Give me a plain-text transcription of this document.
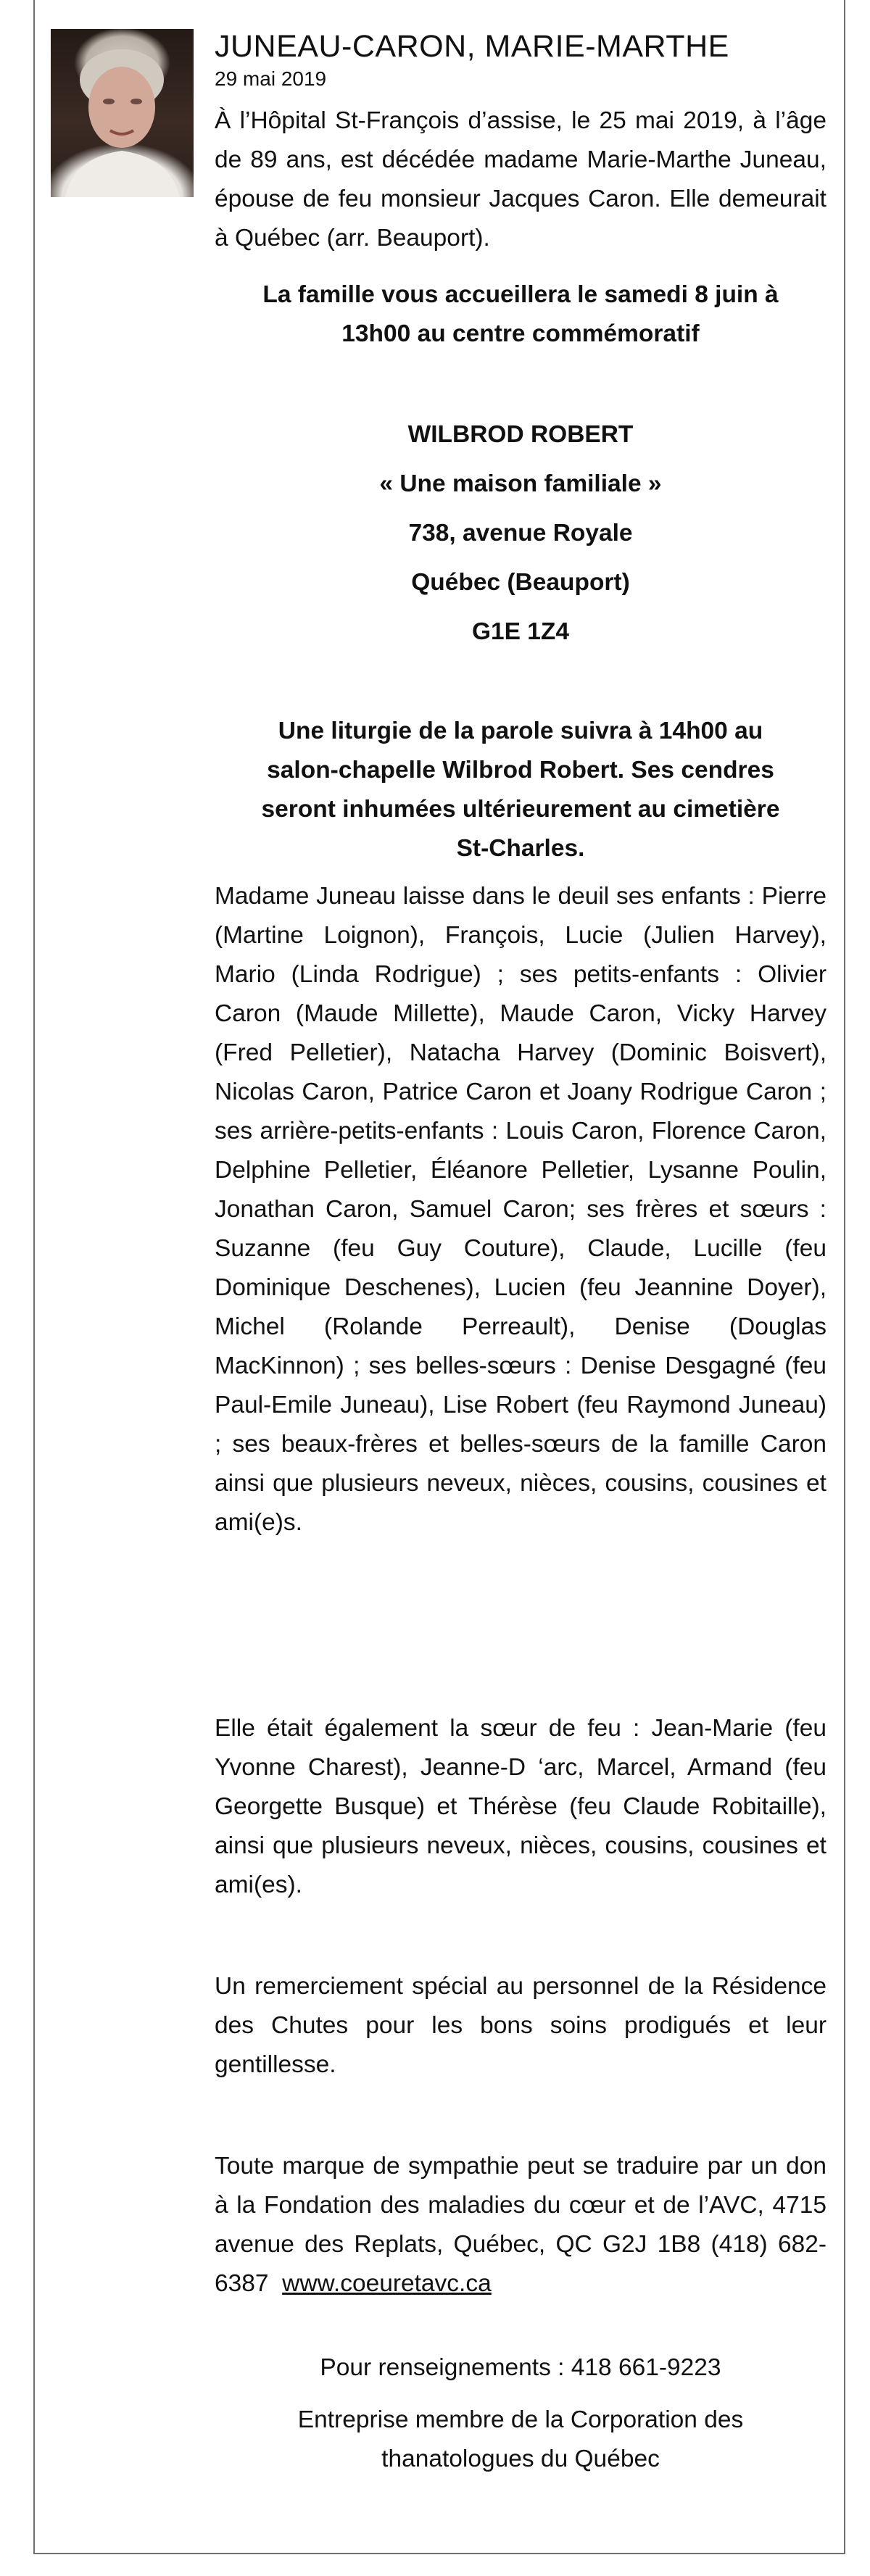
JUNEAU-CARON, MARIE-MARTHE
29 mai 2019

À l’Hôpital St-François d’assise, le 25 mai 2019, à l’âge de 89 ans, est décédée madame Marie-Marthe Juneau, épouse de feu monsieur Jacques Caron. Elle demeurait à Québec (arr. Beauport).

La famille vous accueillera le samedi 8 juin à

13h00 au centre commémoratif

WILBROD ROBERT

« Une maison familiale »

738, avenue Royale

Québec (Beauport)

G1E 1Z4

Une liturgie de la parole suivra à 14h00 au

salon-chapelle Wilbrod Robert. Ses cendres

seront inhumées ultérieurement au cimetière

St-Charles.

Madame Juneau laisse dans le deuil ses enfants : Pierre (Martine Loignon), François, Lucie (Julien Harvey), Mario (Linda Rodrigue) ; ses petits-enfants : Olivier Caron (Maude Millette), Maude Caron, Vicky Harvey (Fred Pelletier), Natacha Harvey (Dominic Boisvert), Nicolas Caron, Patrice Caron et Joany Rodrigue Caron ; ses arrière-petits-enfants : Louis Caron, Florence Caron, Delphine Pelletier, Éléanore Pelletier, Lysanne Poulin, Jonathan Caron, Samuel Caron; ses frères et sœurs : Suzanne (feu Guy Couture), Claude, Lucille (feu Dominique Deschenes), Lucien (feu Jeannine Doyer), Michel (Rolande Perreault), Denise (Douglas MacKinnon) ; ses belles-sœurs : Denise Desgagné (feu Paul-Emile Juneau), Lise Robert (feu Raymond Juneau) ; ses beaux-frères et belles-sœurs de la famille Caron ainsi que plusieurs neveux, nièces, cousins, cousines et ami(e)s.

Elle était également la sœur de feu : Jean-Marie (feu Yvonne Charest), Jeanne-D ‘arc, Marcel, Armand (feu Georgette Busque) et Thérèse (feu Claude Robitaille), ainsi que plusieurs neveux, nièces, cousins, cousines et ami(es).

Un remerciement spécial au personnel de la Résidence des Chutes pour les bons soins prodigués et leur gentillesse.

Toute marque de sympathie peut se traduire par un don à la Fondation des maladies du cœur et de l’AVC, 4715 avenue des Replats, Québec, QC G2J 1B8 (418) 682-6387 www.coeuretavc.ca

Pour renseignements : 418 661-9223

Entreprise membre de la Corporation des

thanatologues du Québec
